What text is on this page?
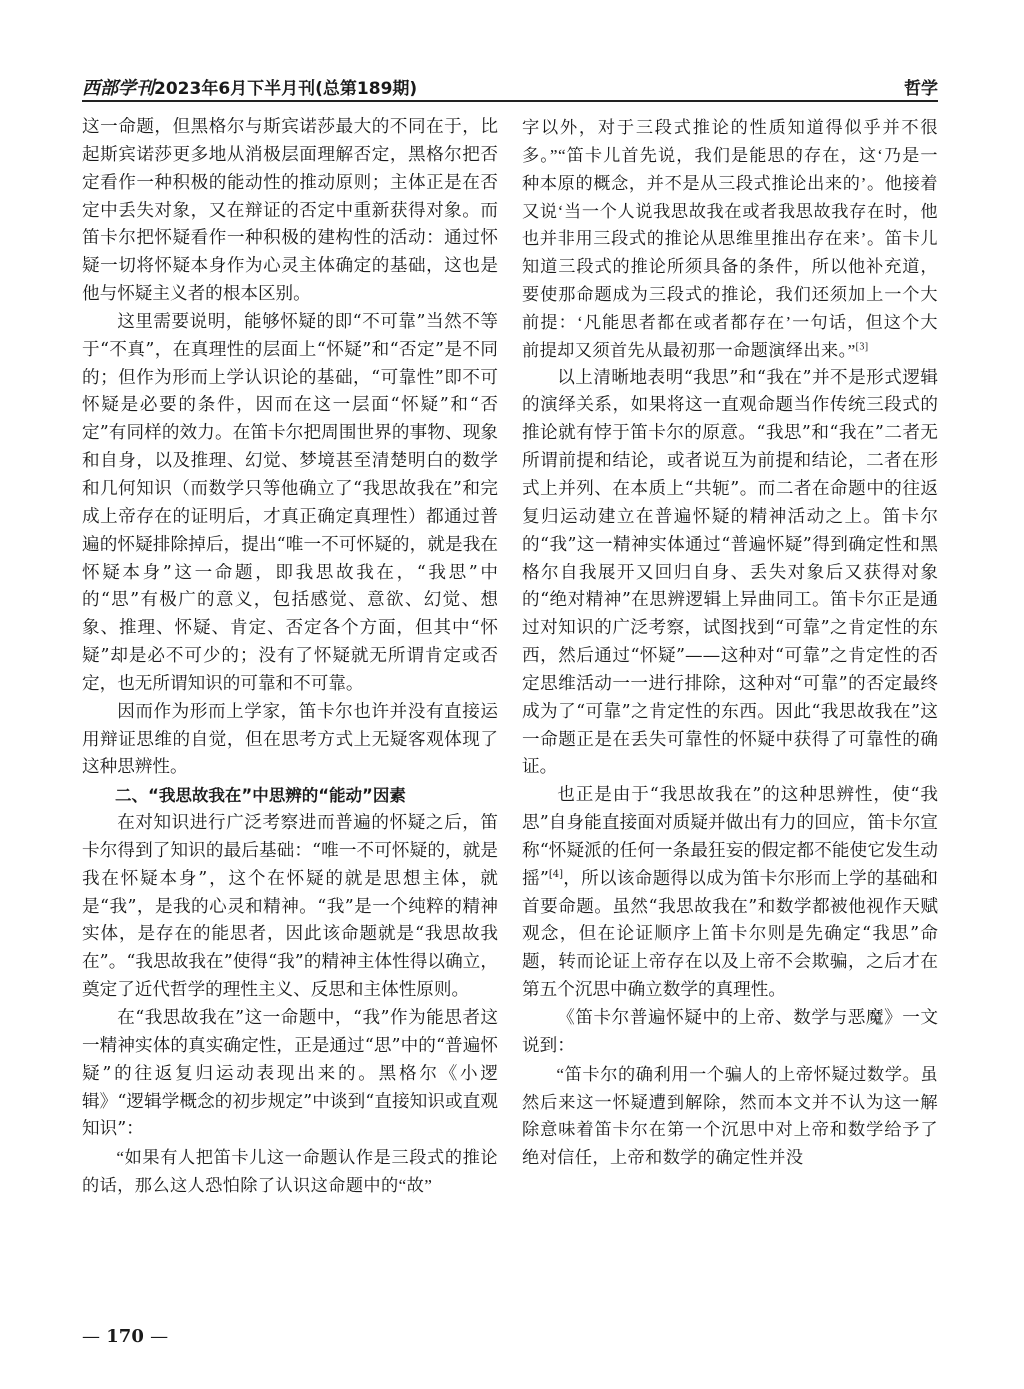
西部学刊2023年6月下半月刊(总第189期)	哲学

这一命题，但黑格尔与斯宾诺莎最大的不同在于，比起斯宾诺莎更多地从消极层面理解否定，黑格尔把否定看作一种积极的能动性的推动原则；主体正是在否定中丢失对象，又在辩证的否定中重新获得对象。而笛卡尔把怀疑看作一种积极的建构性的活动：通过怀疑一切将怀疑本身作为心灵主体确定的基础，这也是他与怀疑主义者的根本区别。

这里需要说明，能够怀疑的即“不可靠”当然不等于“不真”，在真理性的层面上“怀疑”和“否定”是不同的；但作为形而上学认识论的基础，“可靠性”即不可怀疑是必要的条件，因而在这一层面“怀疑”和“否定”有同样的效力。在笛卡尔把周围世界的事物、现象和自身，以及推理、幻觉、梦境甚至清楚明白的数学和几何知识（而数学只等他确立了“我思故我在”和完成上帝存在的证明后，才真正确定真理性）都通过普遍的怀疑排除掉后，提出“唯一不可怀疑的，就是我在怀疑本身”这一命题，即我思故我在，“我思”中的“思”有极广的意义，包括感觉、意欲、幻觉、想象、推理、怀疑、肯定、否定各个方面，但其中“怀疑”却是必不可少的；没有了怀疑就无所谓肯定或否定，也无所谓知识的可靠和不可靠。

因而作为形而上学家，笛卡尔也许并没有直接运用辩证思维的自觉，但在思考方式上无疑客观体现了这种思辨性。

二、“我思故我在”中思辨的“能动”因素

在对知识进行广泛考察进而普遍的怀疑之后，笛卡尔得到了知识的最后基础：“唯一不可怀疑的，就是我在怀疑本身”，这个在怀疑的就是思想主体，就是“我”，是我的心灵和精神。“我”是一个纯粹的精神实体，是存在的能思者，因此该命题就是“我思故我在”。“我思故我在”使得“我”的精神主体性得以确立，奠定了近代哲学的理性主义、反思和主体性原则。

在“我思故我在”这一命题中，“我”作为能思者这一精神实体的真实确定性，正是通过“思”中的“普遍怀疑”的往返复归运动表现出来的。黑格尔《小逻辑》“逻辑学概念的初步规定”中谈到“直接知识或直观知识”：

“如果有人把笛卡儿这一命题认作是三段式的推论的话，那么这人恐怕除了认识这命题中的“故”

字以外，对于三段式推论的性质知道得似乎并不很多。”“笛卡儿首先说，我们是能思的存在，这‘乃是一种本原的概念，并不是从三段式推论出来的’。他接着又说‘当一个人说我思故我在或者我思故我存在时，他也并非用三段式的推论从思维里推出存在来’。笛卡儿知道三段式的推论所须具备的条件，所以他补充道，要使那命题成为三段式的推论，我们还须加上一个大前提：‘凡能思者都在或者都存在’一句话，但这个大前提却又须首先从最初那一命题演绎出来。”[3]

以上清晰地表明“我思”和“我在”并不是形式逻辑的演绎关系，如果将这一直观命题当作传统三段式的推论就有悖于笛卡尔的原意。“我思”和“我在”二者无所谓前提和结论，或者说互为前提和结论，二者在形式上并列、在本质上“共轭”。而二者在命题中的往返复归运动建立在普遍怀疑的精神活动之上。笛卡尔的“我”这一精神实体通过“普遍怀疑”得到确定性和黑格尔自我展开又回归自身、丢失对象后又获得对象的“绝对精神”在思辨逻辑上异曲同工。笛卡尔正是通过对知识的广泛考察，试图找到“可靠”之肯定性的东西，然后通过“怀疑”——这种对“可靠”之肯定性的否定思维活动一一进行排除，这种对“可靠”的否定最终成为了“可靠”之肯定性的东西。因此“我思故我在”这一命题正是在丢失可靠性的怀疑中获得了可靠性的确证。

也正是由于“我思故我在”的这种思辨性，使“我思”自身能直接面对质疑并做出有力的回应，笛卡尔宣称“怀疑派的任何一条最狂妄的假定都不能使它发生动摇”[4]，所以该命题得以成为笛卡尔形而上学的基础和首要命题。虽然“我思故我在”和数学都被他视作天赋观念，但在论证顺序上笛卡尔则是先确定“我思”命题，转而论证上帝存在以及上帝不会欺骗，之后才在第五个沉思中确立数学的真理性。

《笛卡尔普遍怀疑中的上帝、数学与恶魔》一文说到：

“笛卡尔的确利用一个骗人的上帝怀疑过数学。虽然后来这一怀疑遭到解除，然而本文并不认为这一解除意味着笛卡尔在第一个沉思中对上帝和数学给予了绝对信任，上帝和数学的确定性并没

— 170 —
